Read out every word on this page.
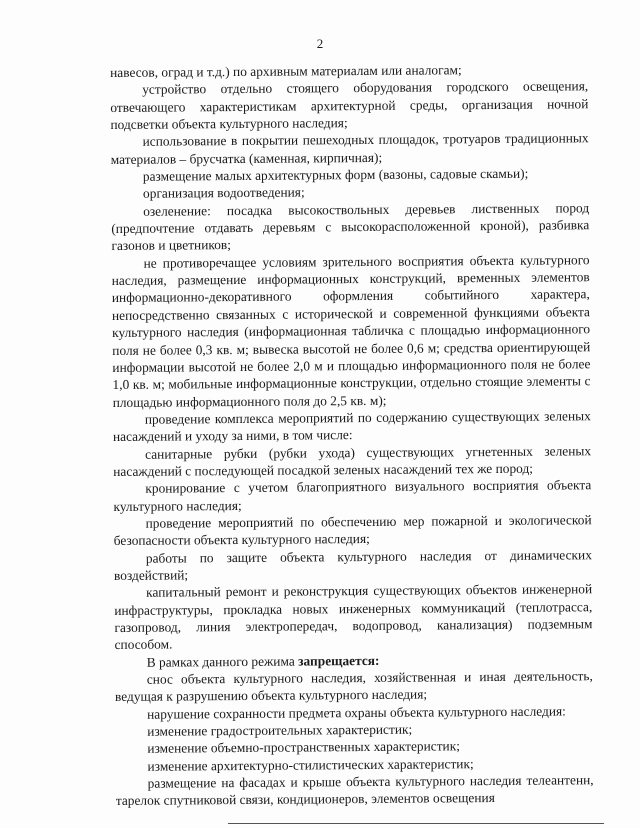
2

навесов, оград и т.д.) по архивным материалам или аналогам;

устройство отдельно стоящего оборудования городского освещения, отвечающего характеристикам архитектурной среды, организация ночной подсветки объекта культурного наследия;

использование в покрытии пешеходных площадок, тротуаров традиционных материалов – брусчатка (каменная, кирпичная);

размещение малых архитектурных форм (вазоны, садовые скамьи);

организация водоотведения;

озеленение: посадка высокоствольных деревьев лиственных пород (предпочтение отдавать деревьям с высокорасположенной кроной), разбивка газонов и цветников;

не противоречащее условиям зрительного восприятия объекта культурного наследия, размещение информационных конструкций, временных элементов информационно-декоративного оформления событийного характера, непосредственно связанных с исторической и современной функциями объекта культурного наследия (информационная табличка с площадью информационного поля не более 0,3 кв. м; вывеска высотой не более 0,6 м; средства ориентирующей информации высотой не более 2,0 м и площадью информационного поля не более 1,0 кв. м; мобильные информационные конструкции, отдельно стоящие элементы с площадью информационного поля до 2,5 кв. м);

проведение комплекса мероприятий по содержанию существующих зеленых насаждений и уходу за ними, в том числе:

санитарные рубки (рубки ухода) существующих угнетенных зеленых насаждений с последующей посадкой зеленых насаждений тех же пород;

кронирование с учетом благоприятного визуального восприятия объекта культурного наследия;

проведение мероприятий по обеспечению мер пожарной и экологической безопасности объекта культурного наследия;

работы по защите объекта культурного наследия от динамических воздействий;

капитальный ремонт и реконструкция существующих объектов инженерной инфраструктуры, прокладка новых инженерных коммуникаций (теплотрасса, газопровод, линия электропередач, водопровод, канализация) подземным способом.

В рамках данного режима запрещается:

снос объекта культурного наследия, хозяйственная и иная деятельность, ведущая к разрушению объекта культурного наследия;

нарушение сохранности предмета охраны объекта культурного наследия:

изменение градостроительных характеристик;

изменение объемно-пространственных характеристик;

изменение архитектурно-стилистических характеристик;

размещение на фасадах и крыше объекта культурного наследия телеантенн, тарелок спутниковой связи, кондиционеров, элементов освещения
